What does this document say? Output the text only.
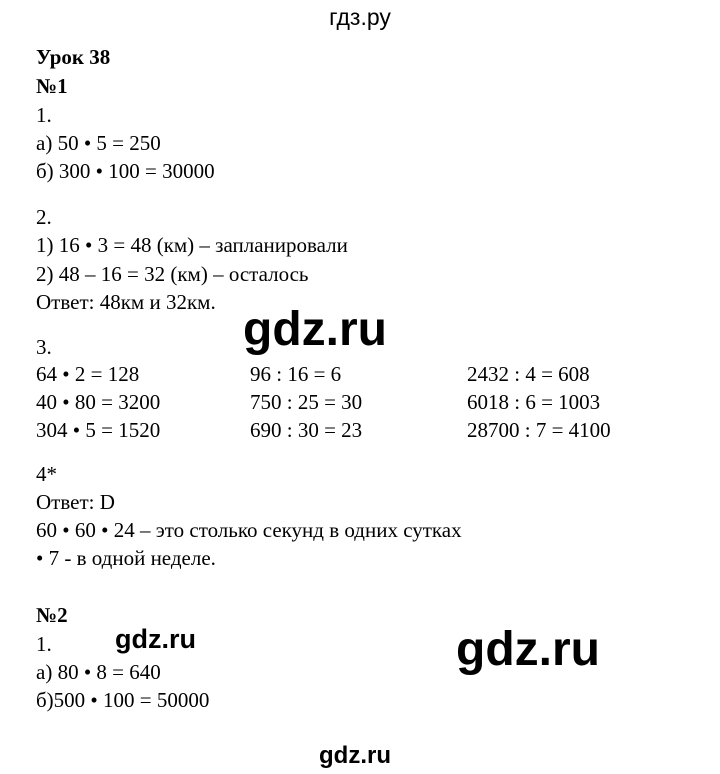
гдз.ру
Урок 38
№1
1.
а) 50 • 5 = 250
б) 300 • 100 = 30000
2.
1) 16 • 3 = 48 (км) – запланировали
2) 48 – 16 = 32 (км) – осталось
Ответ: 48км и 32км.
gdz.ru
3.
64 • 2 = 128
40 • 80 = 3200
304 • 5 = 1520
96 : 16 = 6
750 : 25 = 30
690 : 30 = 23
2432 : 4 = 608
6018 : 6 = 1003
28700 : 7 = 4100
4*
Ответ: D
60 • 60 • 24 – это столько секунд в одних сутках
• 7 - в одной неделе.
№2
1.
а) 80 • 8 = 640
б)500 • 100 = 50000
gdz.ru	gdz.ru
gdz.ru
